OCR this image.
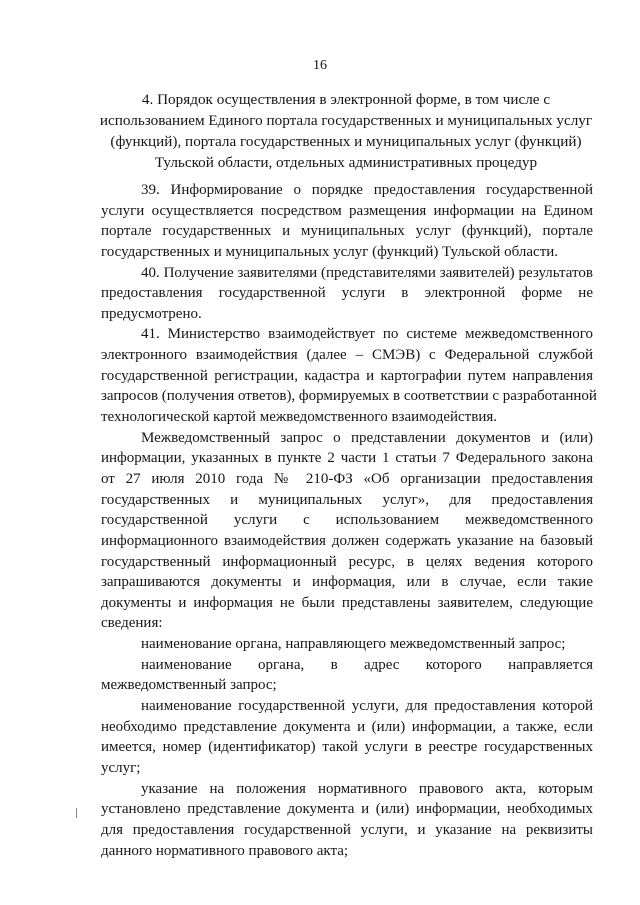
16
4. Порядок осуществления в электронной форме, в том числе с
использованием Единого портала государственных и муниципальных услуг
(функций), портала государственных и муниципальных услуг (функций)
Тульской области, отдельных административных процедур

39. Информирование о порядке предоставления государственной
услуги осуществляется посредством размещения информации на Едином
портале государственных и муниципальных услуг (функций), портале
государственных и муниципальных услуг (функций) Тульской области.

40. Получение заявителями (представителями заявителей) результатов
предоставления государственной услуги в электронной форме не
предусмотрено.

41. Министерство взаимодействует по системе межведомственного
электронного взаимодействия (далее – СМЭВ) с Федеральной службой
государственной регистрации, кадастра и картографии путем направления
запросов (получения ответов), формируемых в соответствии с разработанной
технологической картой межведомственного взаимодействия.

Межведомственный запрос о представлении документов и (или)
информации, указанных в пункте 2 части 1 статьи 7 Федерального закона
от 27 июля 2010 года № 210-ФЗ «Об организации предоставления
государственных и муниципальных услуг», для предоставления
государственной услуги с использованием межведомственного
информационного взаимодействия должен содержать указание на базовый
государственный информационный ресурс, в целях ведения которого
запрашиваются документы и информация, или в случае, если такие
документы и информация не были представлены заявителем, следующие
сведения:

наименование органа, направляющего межведомственный запрос;

наименование органа, в адрес которого направляется
межведомственный запрос;

наименование государственной услуги, для предоставления которой
необходимо представление документа и (или) информации, а также, если
имеется, номер (идентификатор) такой услуги в реестре государственных
услуг;

указание на положения нормативного правового акта, которым
установлено представление документа и (или) информации, необходимых
для предоставления государственной услуги, и указание на реквизиты
данного нормативного правового акта;
